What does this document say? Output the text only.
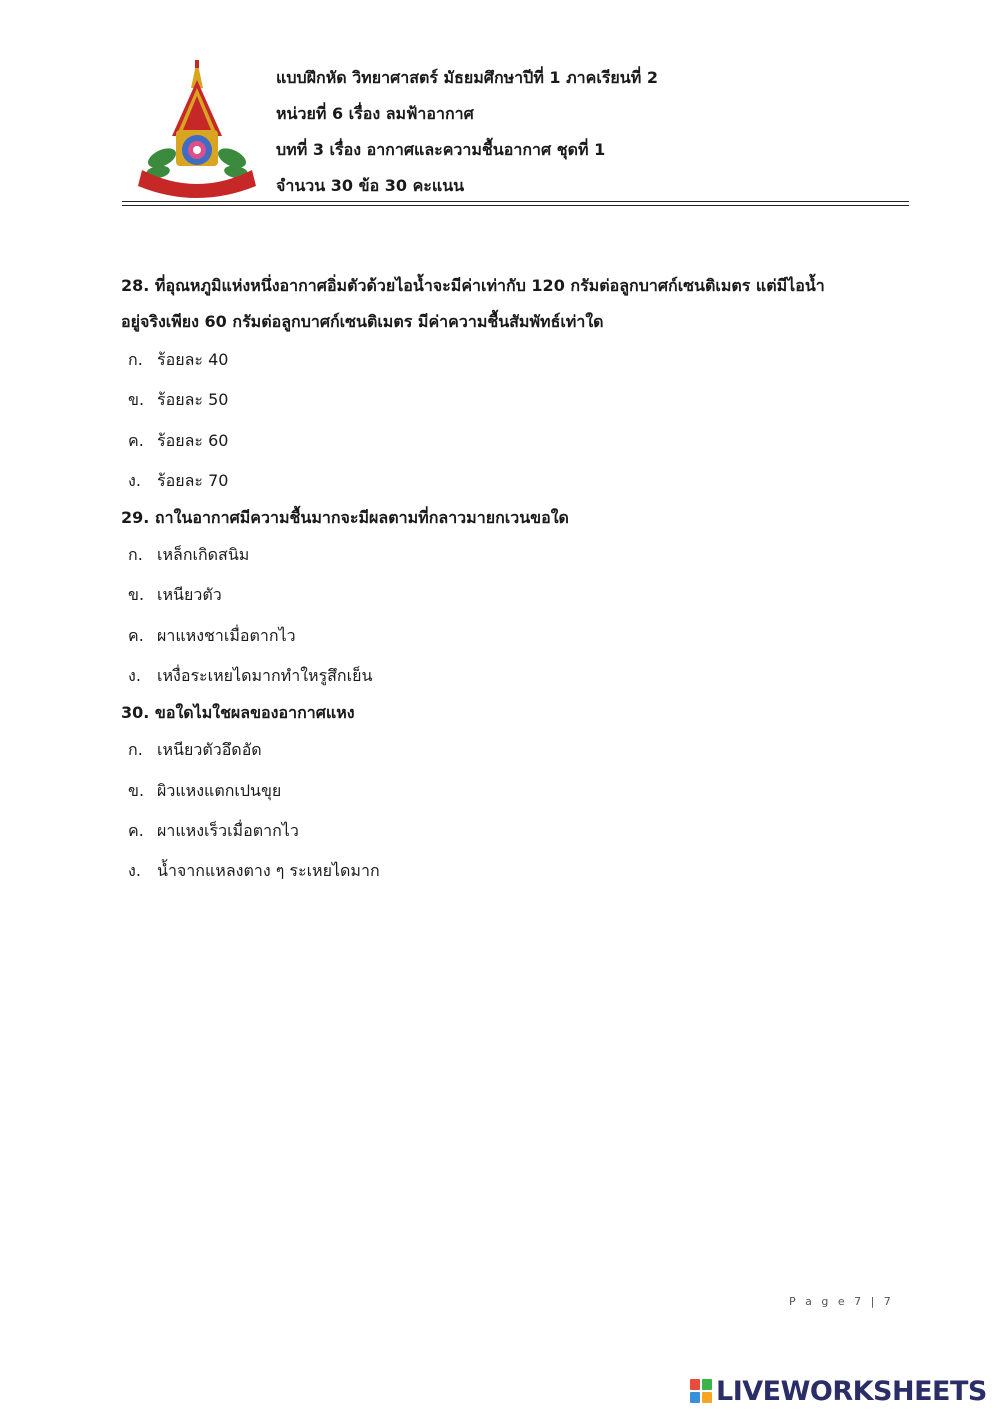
แบบฝึกหัด วิทยาศาสตร์ มัธยมศึกษาปีที่ 1 ภาคเรียนที่ 2
หน่วยที่ 6 เรื่อง ลมฟ้าอากาศ
บทที่ 3 เรื่อง อากาศและความชื้นอากาศ ชุดที่ 1
จำนวน 30 ข้อ 30 คะแนน

28. ที่อุณหภูมิแห่งหนึ่งอากาศอิ่มตัวด้วยไอน้ำจะมีค่าเท่ากับ 120 กรัมต่อลูกบาศก์เซนติเมตร แต่มีไอน้ำ
อยู่จริงเพียง 60 กรัมต่อลูกบาศก์เซนติเมตร มีค่าความชื้นสัมพัทธ์เท่าใด

ก. ร้อยละ 40
ข. ร้อยละ 50
ค. ร้อยละ 60
ง. ร้อยละ 70

29. ถาในอากาศมีความชื้นมากจะมีผลตามที่กลาวมายกเวนขอใด

ก. เหล็กเกิดสนิม
ข. เหนียวตัว
ค. ผาแหงชาเมื่อตากไว
ง. เหงื่อระเหยไดมากทำใหรูสึกเย็น

30. ขอใดไมใชผลของอากาศแหง

ก. เหนียวตัวอึดอัด
ข. ผิวแหงแตกเปนขุย
ค. ผาแหงเร็วเมื่อตากไว
ง. น้ำจากแหลงตาง ๆ ระเหยไดมาก
P a g e 7 | 7
LIVEWORKSHEETS
